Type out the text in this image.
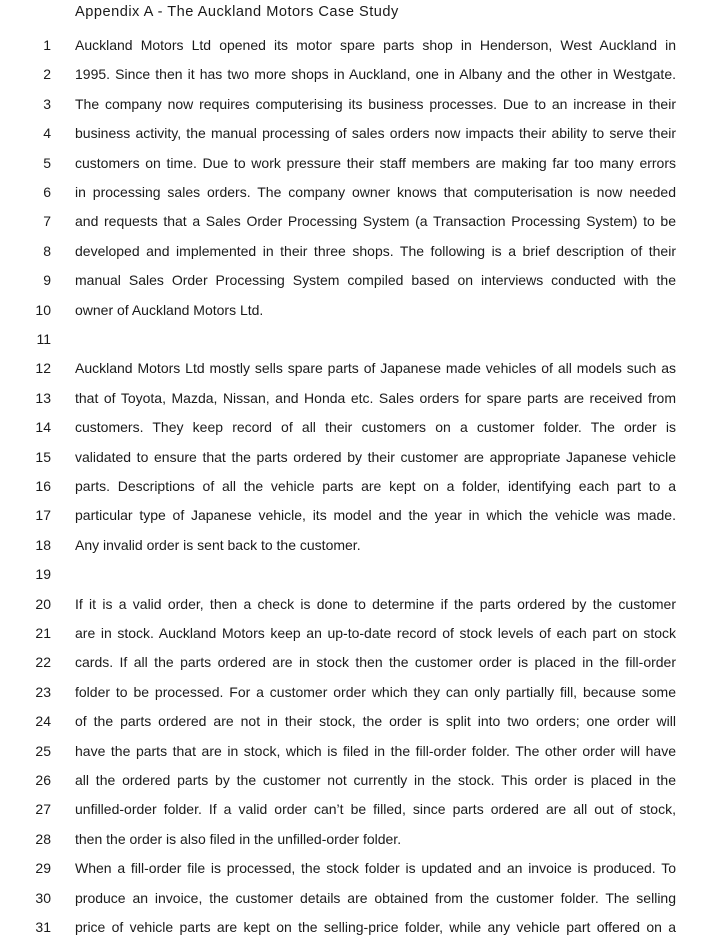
Appendix A - The Auckland Motors Case Study
1 Auckland Motors Ltd opened its motor spare parts shop in Henderson, West Auckland in
2 1995. Since then it has two more shops in Auckland, one in Albany and the other in Westgate.
3 The company now requires computerising its business processes. Due to an increase in their
4 business activity, the manual processing of sales orders now impacts their ability to serve their
5 customers on time. Due to work pressure their staff members are making far too many errors
6 in processing sales orders. The company owner knows that computerisation is now needed
7 and requests that a Sales Order Processing System (a Transaction Processing System) to be
8 developed and implemented in their three shops. The following is a brief description of their
9 manual Sales Order Processing System compiled based on interviews conducted with the
10 owner of Auckland Motors Ltd.
11
12 Auckland Motors Ltd mostly sells spare parts of Japanese made vehicles of all models such as
13 that of Toyota, Mazda, Nissan, and Honda etc. Sales orders for spare parts are received from
14 customers. They keep record of all their customers on a customer folder. The order is
15 validated to ensure that the parts ordered by their customer are appropriate Japanese vehicle
16 parts. Descriptions of all the vehicle parts are kept on a folder, identifying each part to a
17 particular type of Japanese vehicle, its model and the year in which the vehicle was made.
18 Any invalid order is sent back to the customer.
19
20 If it is a valid order, then a check is done to determine if the parts ordered by the customer
21 are in stock. Auckland Motors keep an up-to-date record of stock levels of each part on stock
22 cards. If all the parts ordered are in stock then the customer order is placed in the fill-order
23 folder to be processed. For a customer order which they can only partially fill, because some
24 of the parts ordered are not in their stock, the order is split into two orders; one order will
25 have the parts that are in stock, which is filed in the fill-order folder. The other order will have
26 all the ordered parts by the customer not currently in the stock. This order is placed in the
27 unfilled-order folder. If a valid order can’t be filled, since parts ordered are all out of stock,
28 then the order is also filed in the unfilled-order folder.
29 When a fill-order file is processed, the stock folder is updated and an invoice is produced. To
30 produce an invoice, the customer details are obtained from the customer folder. The selling
31 price of vehicle parts are kept on the selling-price folder, while any vehicle part offered on a
